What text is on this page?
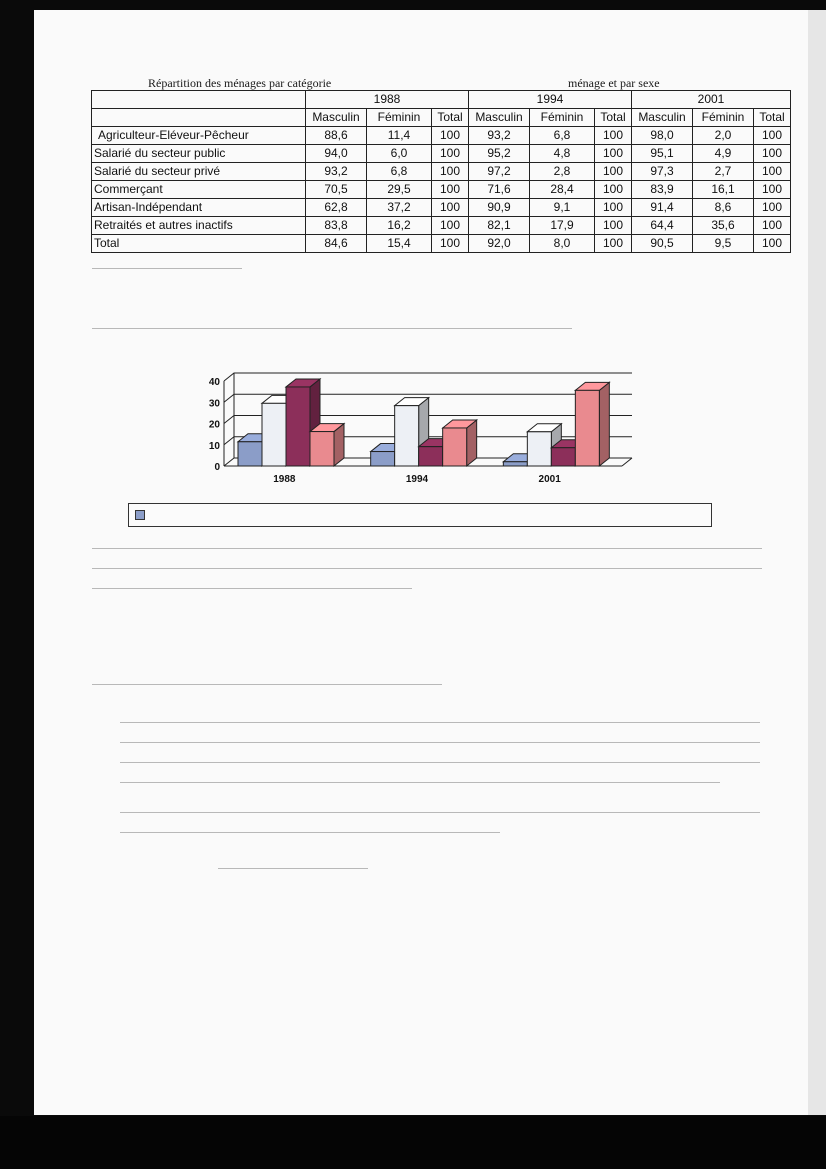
Répartition des ménages par catégorie	ménage et par sexe
	1988			1994			2001		
	Masculin	Féminin	Total	Masculin	Féminin	Total	Masculin	Féminin	Total
Agriculteur-Eléveur-Pêcheur	88,6	11,4	100	93,2	6,8	100	98,0	2,0	100
Salarié du secteur public	94,0	6,0	100	95,2	4,8	100	95,1	4,9	100
Salarié du secteur privé	93,2	6,8	100	97,2	2,8	100	97,3	2,7	100
Commerçant	70,5	29,5	100	71,6	28,4	100	83,9	16,1	100
Artisan-Indépendant	62,8	37,2	100	90,9	9,1	100	91,4	8,6	100
Retraités et autres inactifs	83,8	16,2	100	82,1	17,9	100	64,4	35,6	100
Total	84,6	15,4	100	92,0	8,0	100	90,5	9,5	100
0
10
20
30
40
1988	1994	2001
